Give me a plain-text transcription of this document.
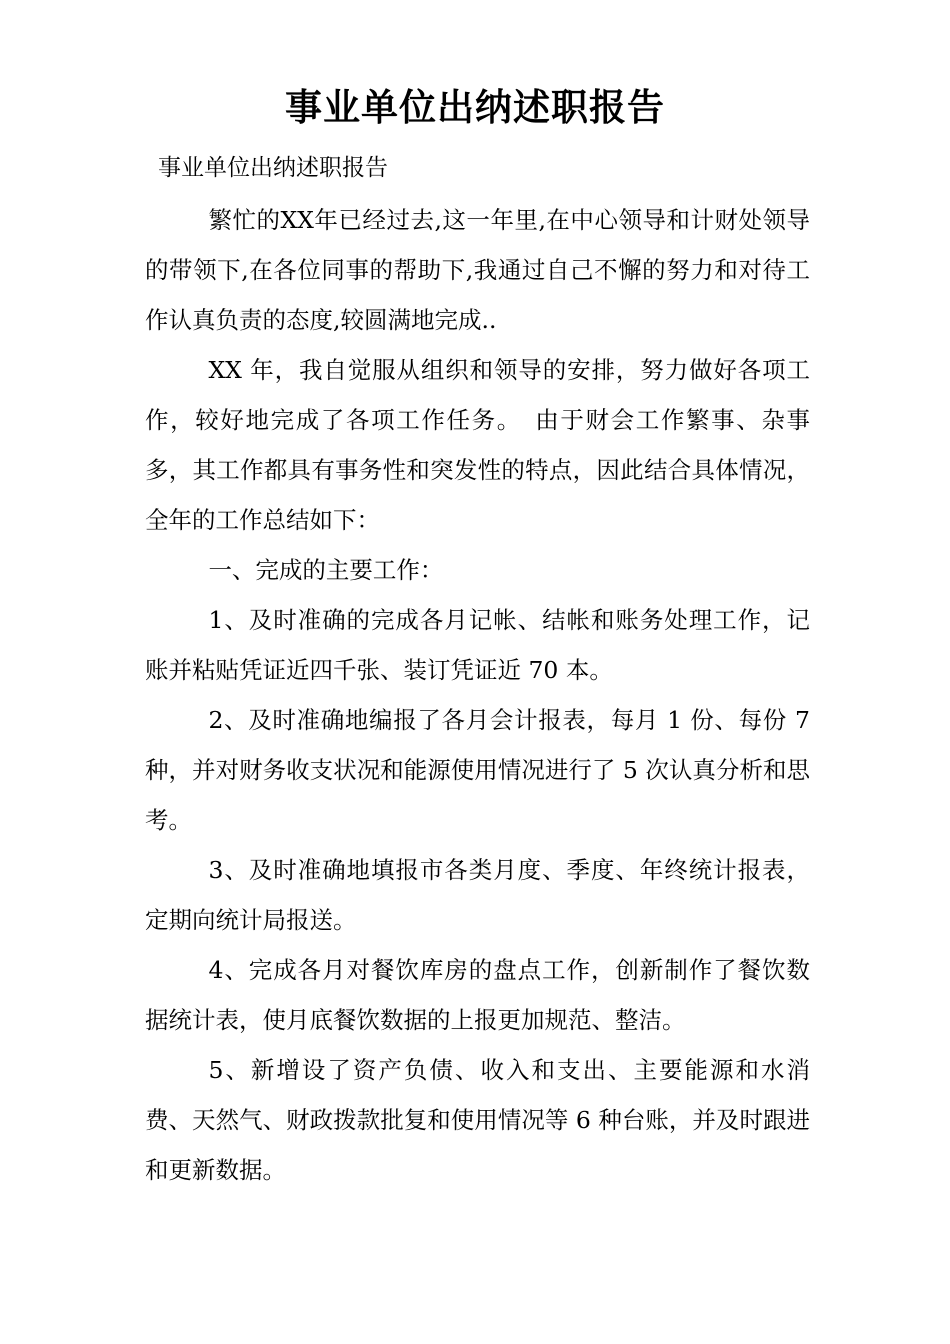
事业单位出纳述职报告
事业单位出纳述职报告

繁忙的XX年已经过去,这一年里,在中心领导和计财处领导的带领下,在各位同事的帮助下,我通过自己不懈的努力和对待工作认真负责的态度,较圆满地完成..

XX 年，我自觉服从组织和领导的安排，努力做好各项工作，较好地完成了各项工作任务。　由于财会工作繁事、杂事多，其工作都具有事务性和突发性的特点，因此结合具体情况，全年的工作总结如下：

一、完成的主要工作：

1、及时准确的完成各月记帐、结帐和账务处理工作，记账并粘贴凭证近四千张、装订凭证近 70 本。

2、及时准确地编报了各月会计报表，每月 1 份、每份 7 种，并对财务收支状况和能源使用情况进行了 5 次认真分析和思考。

3、及时准确地填报市各类月度、季度、年终统计报表，定期向统计局报送。

4、完成各月对餐饮库房的盘点工作，创新制作了餐饮数据统计表，使月底餐饮数据的上报更加规范、整洁。

5、新增设了资产负债、收入和支出、主要能源和水消费、天然气、财政拨款批复和使用情况等 6 种台账，并及时跟进和更新数据。
